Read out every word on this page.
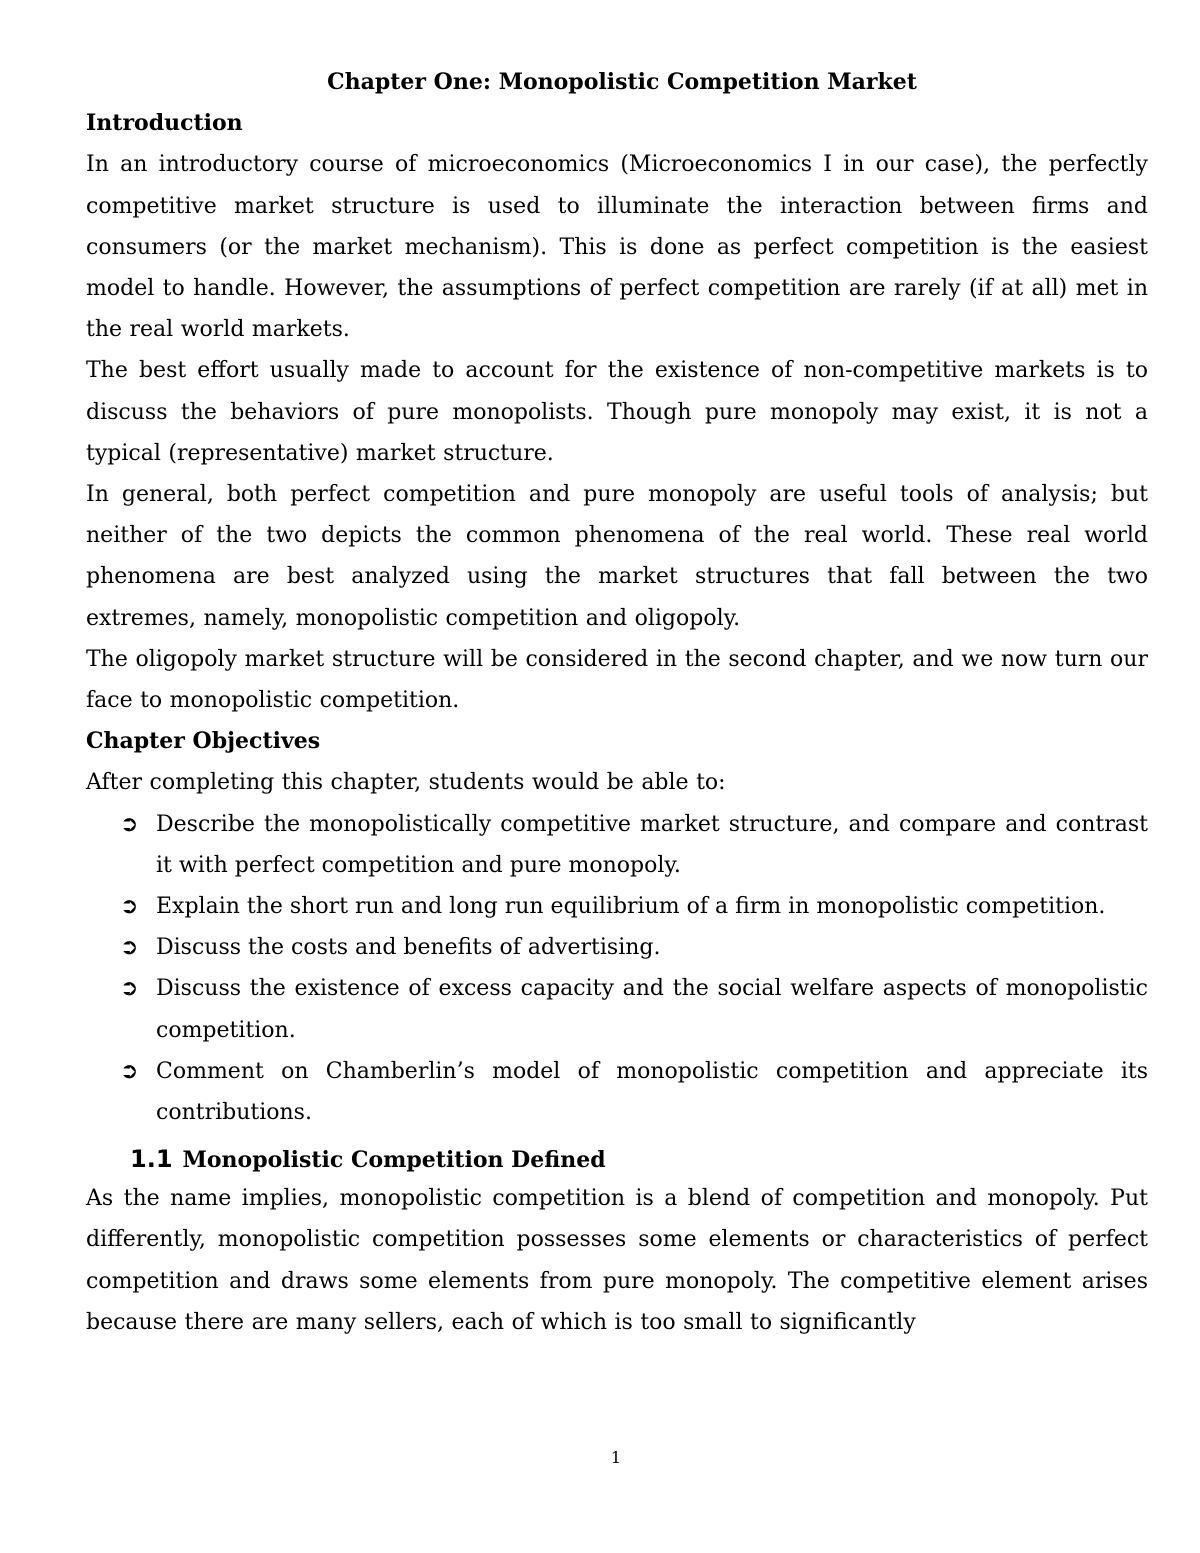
Chapter One: Monopolistic Competition Market

Introduction

In an introductory course of microeconomics (Microeconomics I in our case), the perfectly competitive market structure is used to illuminate the interaction between firms and consumers (or the market mechanism). This is done as perfect competition is the easiest model to handle. However, the assumptions of perfect competition are rarely (if at all) met in the real world markets.

The best effort usually made to account for the existence of non-competitive markets is to discuss the behaviors of pure monopolists. Though pure monopoly may exist, it is not a typical (representative) market structure.

In general, both perfect competition and pure monopoly are useful tools of analysis; but neither of the two depicts the common phenomena of the real world. These real world phenomena are best analyzed using the market structures that fall between the two extremes, namely, monopolistic competition and oligopoly.

The oligopoly market structure will be considered in the second chapter, and we now turn our face to monopolistic competition.

Chapter Objectives

After completing this chapter, students would be able to:

➲ Describe the monopolistically competitive market structure, and compare and contrast it with perfect competition and pure monopoly.
➲ Explain the short run and long run equilibrium of a firm in monopolistic competition.
➲ Discuss the costs and benefits of advertising.
➲ Discuss the existence of excess capacity and the social welfare aspects of monopolistic competition.
➲ Comment on Chamberlin’s model of monopolistic competition and appreciate its contributions.

1.1 Monopolistic Competition Defined

As the name implies, monopolistic competition is a blend of competition and monopoly. Put differently, monopolistic competition possesses some elements or characteristics of perfect competition and draws some elements from pure monopoly. The competitive element arises because there are many sellers, each of which is too small to significantly

1
